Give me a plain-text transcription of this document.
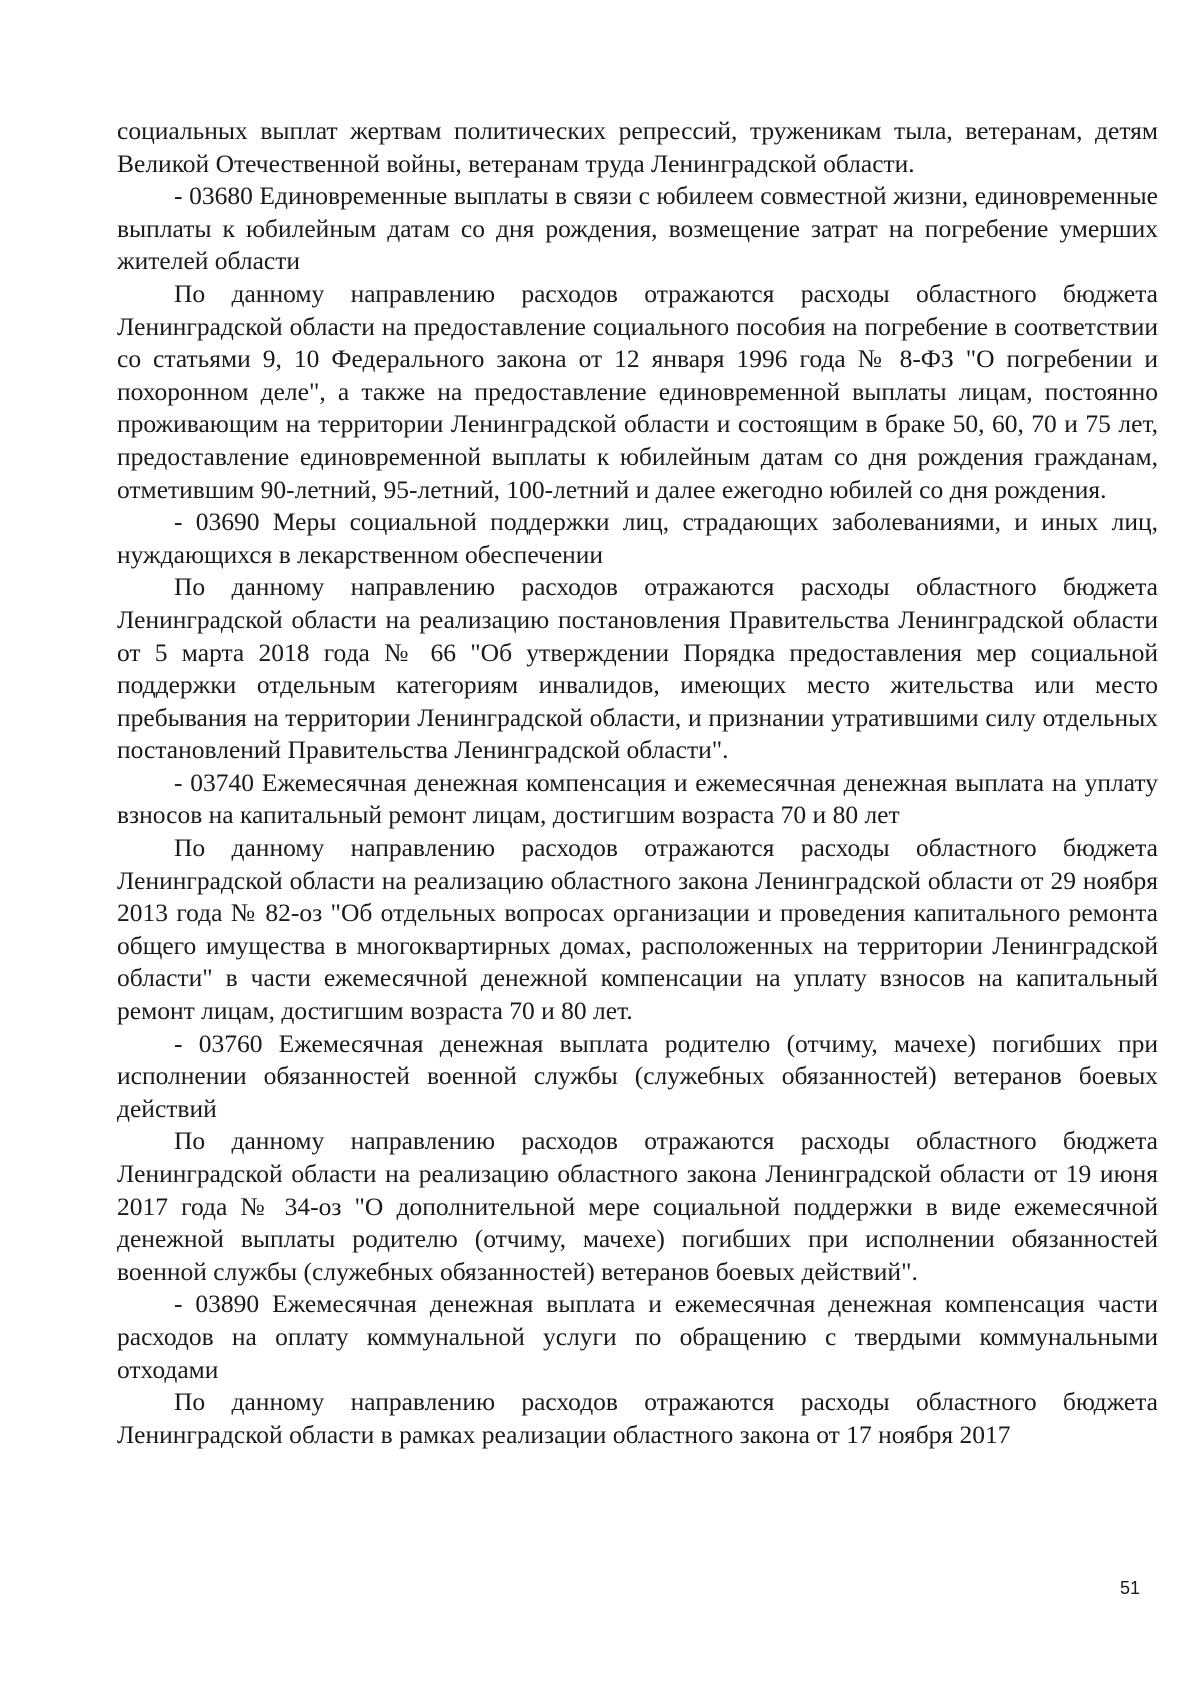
социальных выплат жертвам политических репрессий, труженикам тыла, ветеранам, детям Великой Отечественной войны, ветеранам труда Ленинградской области.

- 03680 Единовременные выплаты в связи с юбилеем совместной жизни, единовременные выплаты к юбилейным датам со дня рождения, возмещение затрат на погребение умерших жителей области

По данному направлению расходов отражаются расходы областного бюджета Ленинградской области на предоставление социального пособия на погребение в соответствии со статьями 9, 10 Федерального закона от 12 января 1996 года № 8-ФЗ "О погребении и похоронном деле", а также на предоставление единовременной выплаты лицам, постоянно проживающим на территории Ленинградской области и состоящим в браке 50, 60, 70 и 75 лет, предоставление единовременной выплаты к юбилейным датам со дня рождения гражданам, отметившим 90-летний, 95-летний, 100-летний и далее ежегодно юбилей со дня рождения.

- 03690 Меры социальной поддержки лиц, страдающих заболеваниями, и иных лиц, нуждающихся в лекарственном обеспечении

По данному направлению расходов отражаются расходы областного бюджета Ленинградской области на реализацию постановления Правительства Ленинградской области от 5 марта 2018 года № 66 "Об утверждении Порядка предоставления мер социальной поддержки отдельным категориям инвалидов, имеющих место жительства или место пребывания на территории Ленинградской области, и признании утратившими силу отдельных постановлений Правительства Ленинградской области".

- 03740 Ежемесячная денежная компенсация и ежемесячная денежная выплата на уплату взносов на капитальный ремонт лицам, достигшим возраста 70 и 80 лет

По данному направлению расходов отражаются расходы областного бюджета Ленинградской области на реализацию областного закона Ленинградской области от 29 ноября 2013 года № 82-оз "Об отдельных вопросах организации и проведения капитального ремонта общего имущества в многоквартирных домах, расположенных на территории Ленинградской области" в части ежемесячной денежной компенсации на уплату взносов на капитальный ремонт лицам, достигшим возраста 70 и 80 лет.

- 03760 Ежемесячная денежная выплата родителю (отчиму, мачехе) погибших при исполнении обязанностей военной службы (служебных обязанностей) ветеранов боевых действий

По данному направлению расходов отражаются расходы областного бюджета Ленинградской области на реализацию областного закона Ленинградской области от 19 июня 2017 года № 34-оз "О дополнительной мере социальной поддержки в виде ежемесячной денежной выплаты родителю (отчиму, мачехе) погибших при исполнении обязанностей военной службы (служебных обязанностей) ветеранов боевых действий".

- 03890 Ежемесячная денежная выплата и ежемесячная денежная компенсация части расходов на оплату коммунальной услуги по обращению с твердыми коммунальными отходами

По данному направлению расходов отражаются расходы областного бюджета Ленинградской области в рамках реализации областного закона от 17 ноября 2017

51
